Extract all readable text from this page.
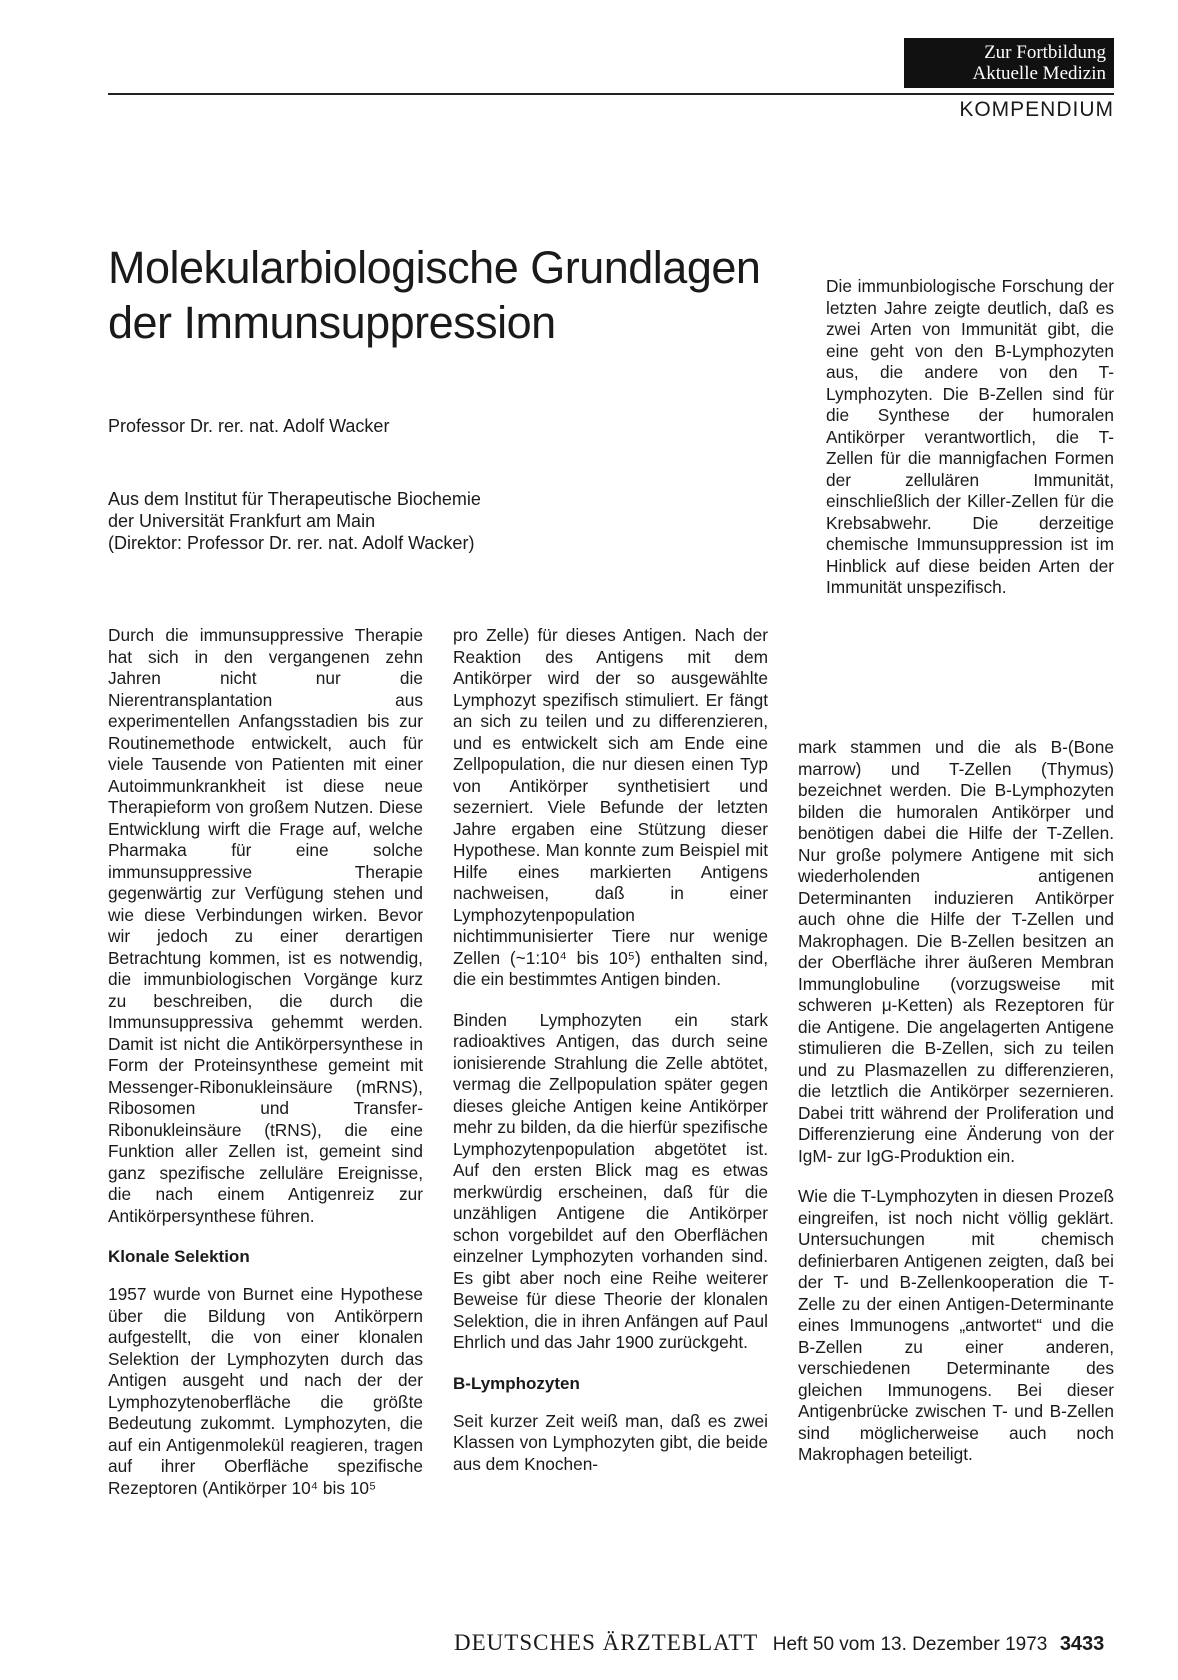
Zur Fortbildung
Aktuelle Medizin
KOMPENDIUM
Molekularbiologische Grundlagen
der Immunsuppression
Professor Dr. rer. nat. Adolf Wacker
Aus dem Institut für Therapeutische Biochemie
der Universität Frankfurt am Main
(Direktor: Professor Dr. rer. nat. Adolf Wacker)

Die immunbiologische Forschung der letzten Jahre zeigte deutlich, daß es zwei Arten von Immunität gibt, die eine geht von den B-Lymphozyten aus, die andere von den T-Lymphozyten. Die B-Zellen sind für die Synthese der humoralen Antikörper verantwortlich, die T-Zellen für die mannigfachen Formen der zellulären Immunität, einschließlich der Killer-Zellen für die Krebsabwehr. Die derzeitige chemische Immunsuppression ist im Hinblick auf diese beiden Arten der Immunität unspezifisch.

Durch die immunsuppressive Therapie hat sich in den vergangenen zehn Jahren nicht nur die Nierentransplantation aus experimentellen Anfangsstadien bis zur Routinemethode entwickelt, auch für viele Tausende von Patienten mit einer Autoimmunkrankheit ist diese neue Therapieform von großem Nutzen. Diese Entwicklung wirft die Frage auf, welche Pharmaka für eine solche immunsuppressive Therapie gegenwärtig zur Verfügung stehen und wie diese Verbindungen wirken. Bevor wir jedoch zu einer derartigen Betrachtung kommen, ist es notwendig, die immunbiologischen Vorgänge kurz zu beschreiben, die durch die Immunsuppressiva gehemmt werden. Damit ist nicht die Antikörpersynthese in Form der Proteinsynthese gemeint mit Messenger-Ribonukleinsäure (mRNS), Ribosomen und Transfer-Ribonukleinsäure (tRNS), die eine Funktion aller Zellen ist, gemeint sind ganz spezifische zelluläre Ereignisse, die nach einem Antigenreiz zur Antikörpersynthese führen.

Klonale Selektion

1957 wurde von Burnet eine Hypothese über die Bildung von Antikörpern aufgestellt, die von einer klonalen Selektion der Lymphozyten durch das Antigen ausgeht und nach der der Lymphozytenoberfläche die größte Bedeutung zukommt. Lymphozyten, die auf ein Antigenmolekül reagieren, tragen auf ihrer Oberfläche spezifische Rezeptoren (Antikörper 10⁴ bis 10⁵

pro Zelle) für dieses Antigen. Nach der Reaktion des Antigens mit dem Antikörper wird der so ausgewählte Lymphozyt spezifisch stimuliert. Er fängt an sich zu teilen und zu differenzieren, und es entwickelt sich am Ende eine Zellpopulation, die nur diesen einen Typ von Antikörper synthetisiert und sezerniert. Viele Befunde der letzten Jahre ergaben eine Stützung dieser Hypothese. Man konnte zum Beispiel mit Hilfe eines markierten Antigens nachweisen, daß in einer Lymphozytenpopulation nichtimmunisierter Tiere nur wenige Zellen (~1:10⁴ bis 10⁵) enthalten sind, die ein bestimmtes Antigen binden.

Binden Lymphozyten ein stark radioaktives Antigen, das durch seine ionisierende Strahlung die Zelle abtötet, vermag die Zellpopulation später gegen dieses gleiche Antigen keine Antikörper mehr zu bilden, da die hierfür spezifische Lymphozytenpopulation abgetötet ist. Auf den ersten Blick mag es etwas merkwürdig erscheinen, daß für die unzähligen Antigene die Antikörper schon vorgebildet auf den Oberflächen einzelner Lymphozyten vorhanden sind. Es gibt aber noch eine Reihe weiterer Beweise für diese Theorie der klonalen Selektion, die in ihren Anfängen auf Paul Ehrlich und das Jahr 1900 zurückgeht.

B-Lymphozyten

Seit kurzer Zeit weiß man, daß es zwei Klassen von Lymphozyten gibt, die beide aus dem Knochen-

mark stammen und die als B-(Bone marrow) und T-Zellen (Thymus) bezeichnet werden. Die B-Lymphozyten bilden die humoralen Antikörper und benötigen dabei die Hilfe der T-Zellen. Nur große polymere Antigene mit sich wiederholenden antigenen Determinanten induzieren Antikörper auch ohne die Hilfe der T-Zellen und Makrophagen. Die B-Zellen besitzen an der Oberfläche ihrer äußeren Membran Immunglobuline (vorzugsweise mit schweren μ-Ketten) als Rezeptoren für die Antigene. Die angelagerten Antigene stimulieren die B-Zellen, sich zu teilen und zu Plasmazellen zu differenzieren, die letztlich die Antikörper sezernieren. Dabei tritt während der Proliferation und Differenzierung eine Änderung von der IgM- zur IgG-Produktion ein.

Wie die T-Lymphozyten in diesen Prozeß eingreifen, ist noch nicht völlig geklärt. Untersuchungen mit chemisch definierbaren Antigenen zeigten, daß bei der T- und B-Zellenkooperation die T-Zelle zu der einen Antigen-Determinante eines Immunogens „antwortet“ und die B-Zellen zu einer anderen, verschiedenen Determinante des gleichen Immunogens. Bei dieser Antigenbrücke zwischen T- und B-Zellen sind möglicherweise auch noch Makrophagen beteiligt.

DEUTSCHES ÄRZTEBLATT Heft 50 vom 13. Dezember 1973 3433
